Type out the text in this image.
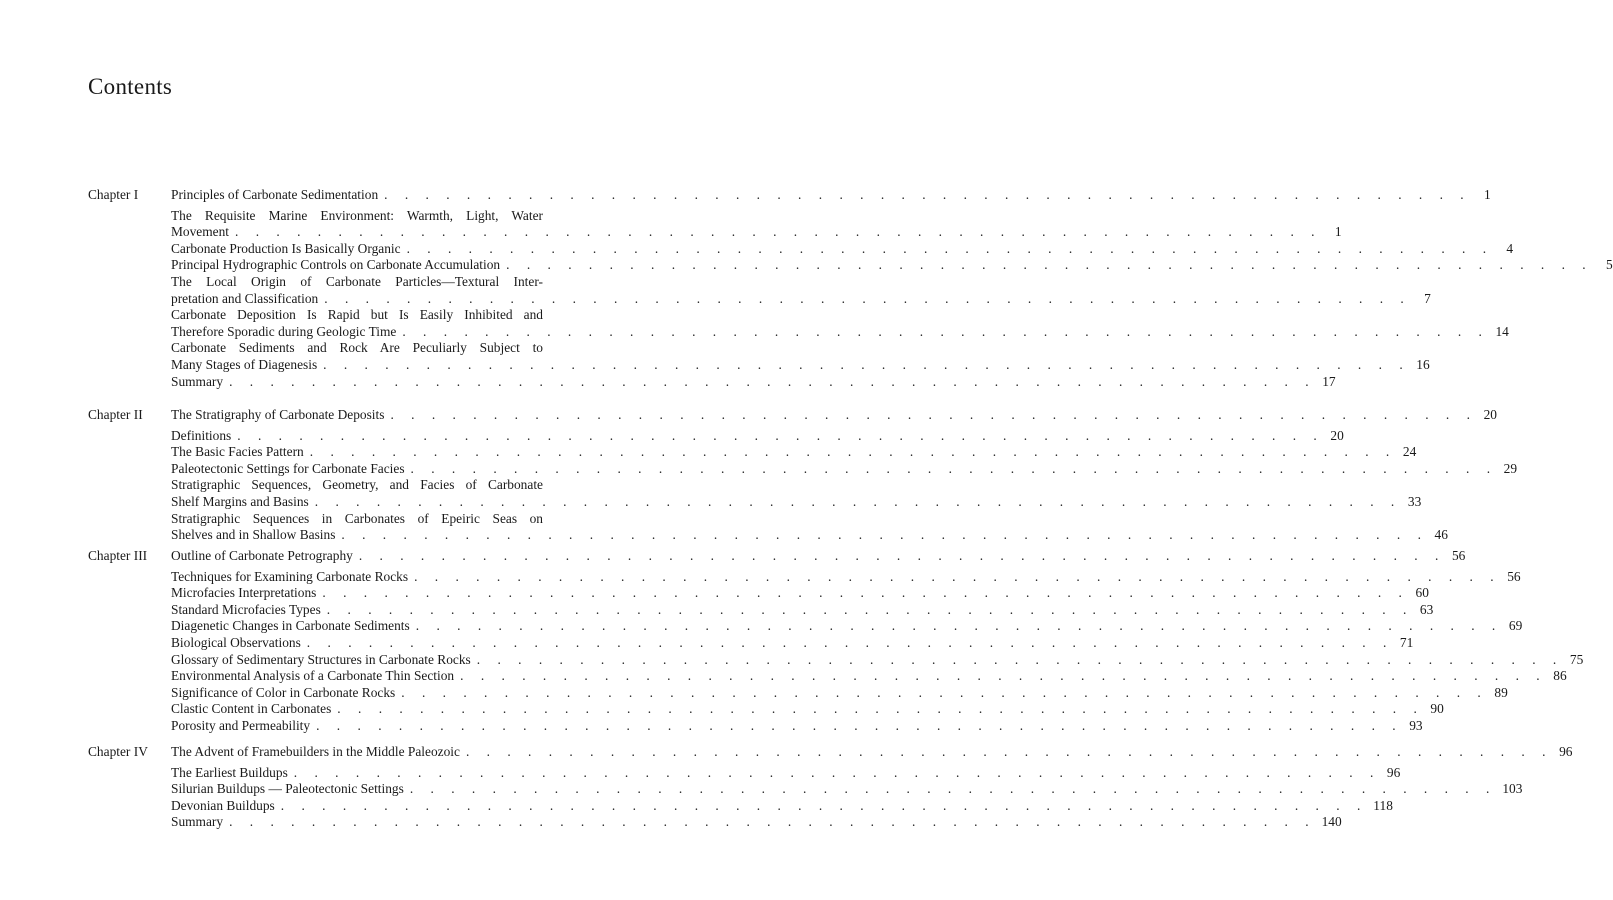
Contents
Chapter I	Principles of Carbonate Sedimentation . . . . . . . . . . . . . . . . . . . . . . . . . . . . . . . . . . . . . . . . . . . . . . . . . . . . . 1
The Requisite Marine Environment: Warmth, Light, Water
Movement . . . . . . . . . . . . . . . . . . . . . . . . . . . . . . . . . . . . . . . . . . . . . . . . . . . . . 1
Carbonate Production Is Basically Organic . . . . . . . . . . . . . . . . . . . . . . . . . . . . . . . . . . . . . . . . . . . . . . . . . . . . . 4
Principal Hydrographic Controls on Carbonate Accumulation . . . . . . . . . . . . . . . . . . . . . . . . . . . . . . . . . . . . . . . . . . . . . . . . . . . . . 5
The Local Origin of Carbonate Particles—Textural Inter-
pretation and Classification . . . . . . . . . . . . . . . . . . . . . . . . . . . . . . . . . . . . . . . . . . . . . . . . . . . . . 7
Carbonate Deposition Is Rapid but Is Easily Inhibited and
Therefore Sporadic during Geologic Time . . . . . . . . . . . . . . . . . . . . . . . . . . . . . . . . . . . . . . . . . . . . . . . . . . . . . 14
Carbonate Sediments and Rock Are Peculiarly Subject to
Many Stages of Diagenesis . . . . . . . . . . . . . . . . . . . . . . . . . . . . . . . . . . . . . . . . . . . . . . . . . . . . . 16
Summary . . . . . . . . . . . . . . . . . . . . . . . . . . . . . . . . . . . . . . . . . . . . . . . . . . . . . 17
Chapter II	The Stratigraphy of Carbonate Deposits . . . . . . . . . . . . . . . . . . . . . . . . . . . . . . . . . . . . . . . . . . . . . . . . . . . . . 20
Definitions . . . . . . . . . . . . . . . . . . . . . . . . . . . . . . . . . . . . . . . . . . . . . . . . . . . . . 20
The Basic Facies Pattern . . . . . . . . . . . . . . . . . . . . . . . . . . . . . . . . . . . . . . . . . . . . . . . . . . . . . 24
Paleotectonic Settings for Carbonate Facies . . . . . . . . . . . . . . . . . . . . . . . . . . . . . . . . . . . . . . . . . . . . . . . . . . . . . 29
Stratigraphic Sequences, Geometry, and Facies of Carbonate
Shelf Margins and Basins . . . . . . . . . . . . . . . . . . . . . . . . . . . . . . . . . . . . . . . . . . . . . . . . . . . . . 33
Stratigraphic Sequences in Carbonates of Epeiric Seas on
Shelves and in Shallow Basins . . . . . . . . . . . . . . . . . . . . . . . . . . . . . . . . . . . . . . . . . . . . . . . . . . . . . 46
Chapter III	Outline of Carbonate Petrography . . . . . . . . . . . . . . . . . . . . . . . . . . . . . . . . . . . . . . . . . . . . . . . . . . . . . 56
Techniques for Examining Carbonate Rocks . . . . . . . . . . . . . . . . . . . . . . . . . . . . . . . . . . . . . . . . . . . . . . . . . . . . . 56
Microfacies Interpretations . . . . . . . . . . . . . . . . . . . . . . . . . . . . . . . . . . . . . . . . . . . . . . . . . . . . . 60
Standard Microfacies Types . . . . . . . . . . . . . . . . . . . . . . . . . . . . . . . . . . . . . . . . . . . . . . . . . . . . . 63
Diagenetic Changes in Carbonate Sediments . . . . . . . . . . . . . . . . . . . . . . . . . . . . . . . . . . . . . . . . . . . . . . . . . . . . . 69
Biological Observations . . . . . . . . . . . . . . . . . . . . . . . . . . . . . . . . . . . . . . . . . . . . . . . . . . . . . 71
Glossary of Sedimentary Structures in Carbonate Rocks . . . . . . . . . . . . . . . . . . . . . . . . . . . . . . . . . . . . . . . . . . . . . . . . . . . . . 75
Environmental Analysis of a Carbonate Thin Section . . . . . . . . . . . . . . . . . . . . . . . . . . . . . . . . . . . . . . . . . . . . . . . . . . . . . 86
Significance of Color in Carbonate Rocks . . . . . . . . . . . . . . . . . . . . . . . . . . . . . . . . . . . . . . . . . . . . . . . . . . . . . 89
Clastic Content in Carbonates . . . . . . . . . . . . . . . . . . . . . . . . . . . . . . . . . . . . . . . . . . . . . . . . . . . . . 90
Porosity and Permeability . . . . . . . . . . . . . . . . . . . . . . . . . . . . . . . . . . . . . . . . . . . . . . . . . . . . . 93
Chapter IV	The Advent of Framebuilders in the Middle Paleozoic . . . . . . . . . . . . . . . . . . . . . . . . . . . . . . . . . . . . . . . . . . . . . . . . . . . . . 96
The Earliest Buildups . . . . . . . . . . . . . . . . . . . . . . . . . . . . . . . . . . . . . . . . . . . . . . . . . . . . . 96
Silurian Buildups — Paleotectonic Settings . . . . . . . . . . . . . . . . . . . . . . . . . . . . . . . . . . . . . . . . . . . . . . . . . . . . . 103
Devonian Buildups . . . . . . . . . . . . . . . . . . . . . . . . . . . . . . . . . . . . . . . . . . . . . . . . . . . . . 118
Summary . . . . . . . . . . . . . . . . . . . . . . . . . . . . . . . . . . . . . . . . . . . . . . . . . . . . . 140
